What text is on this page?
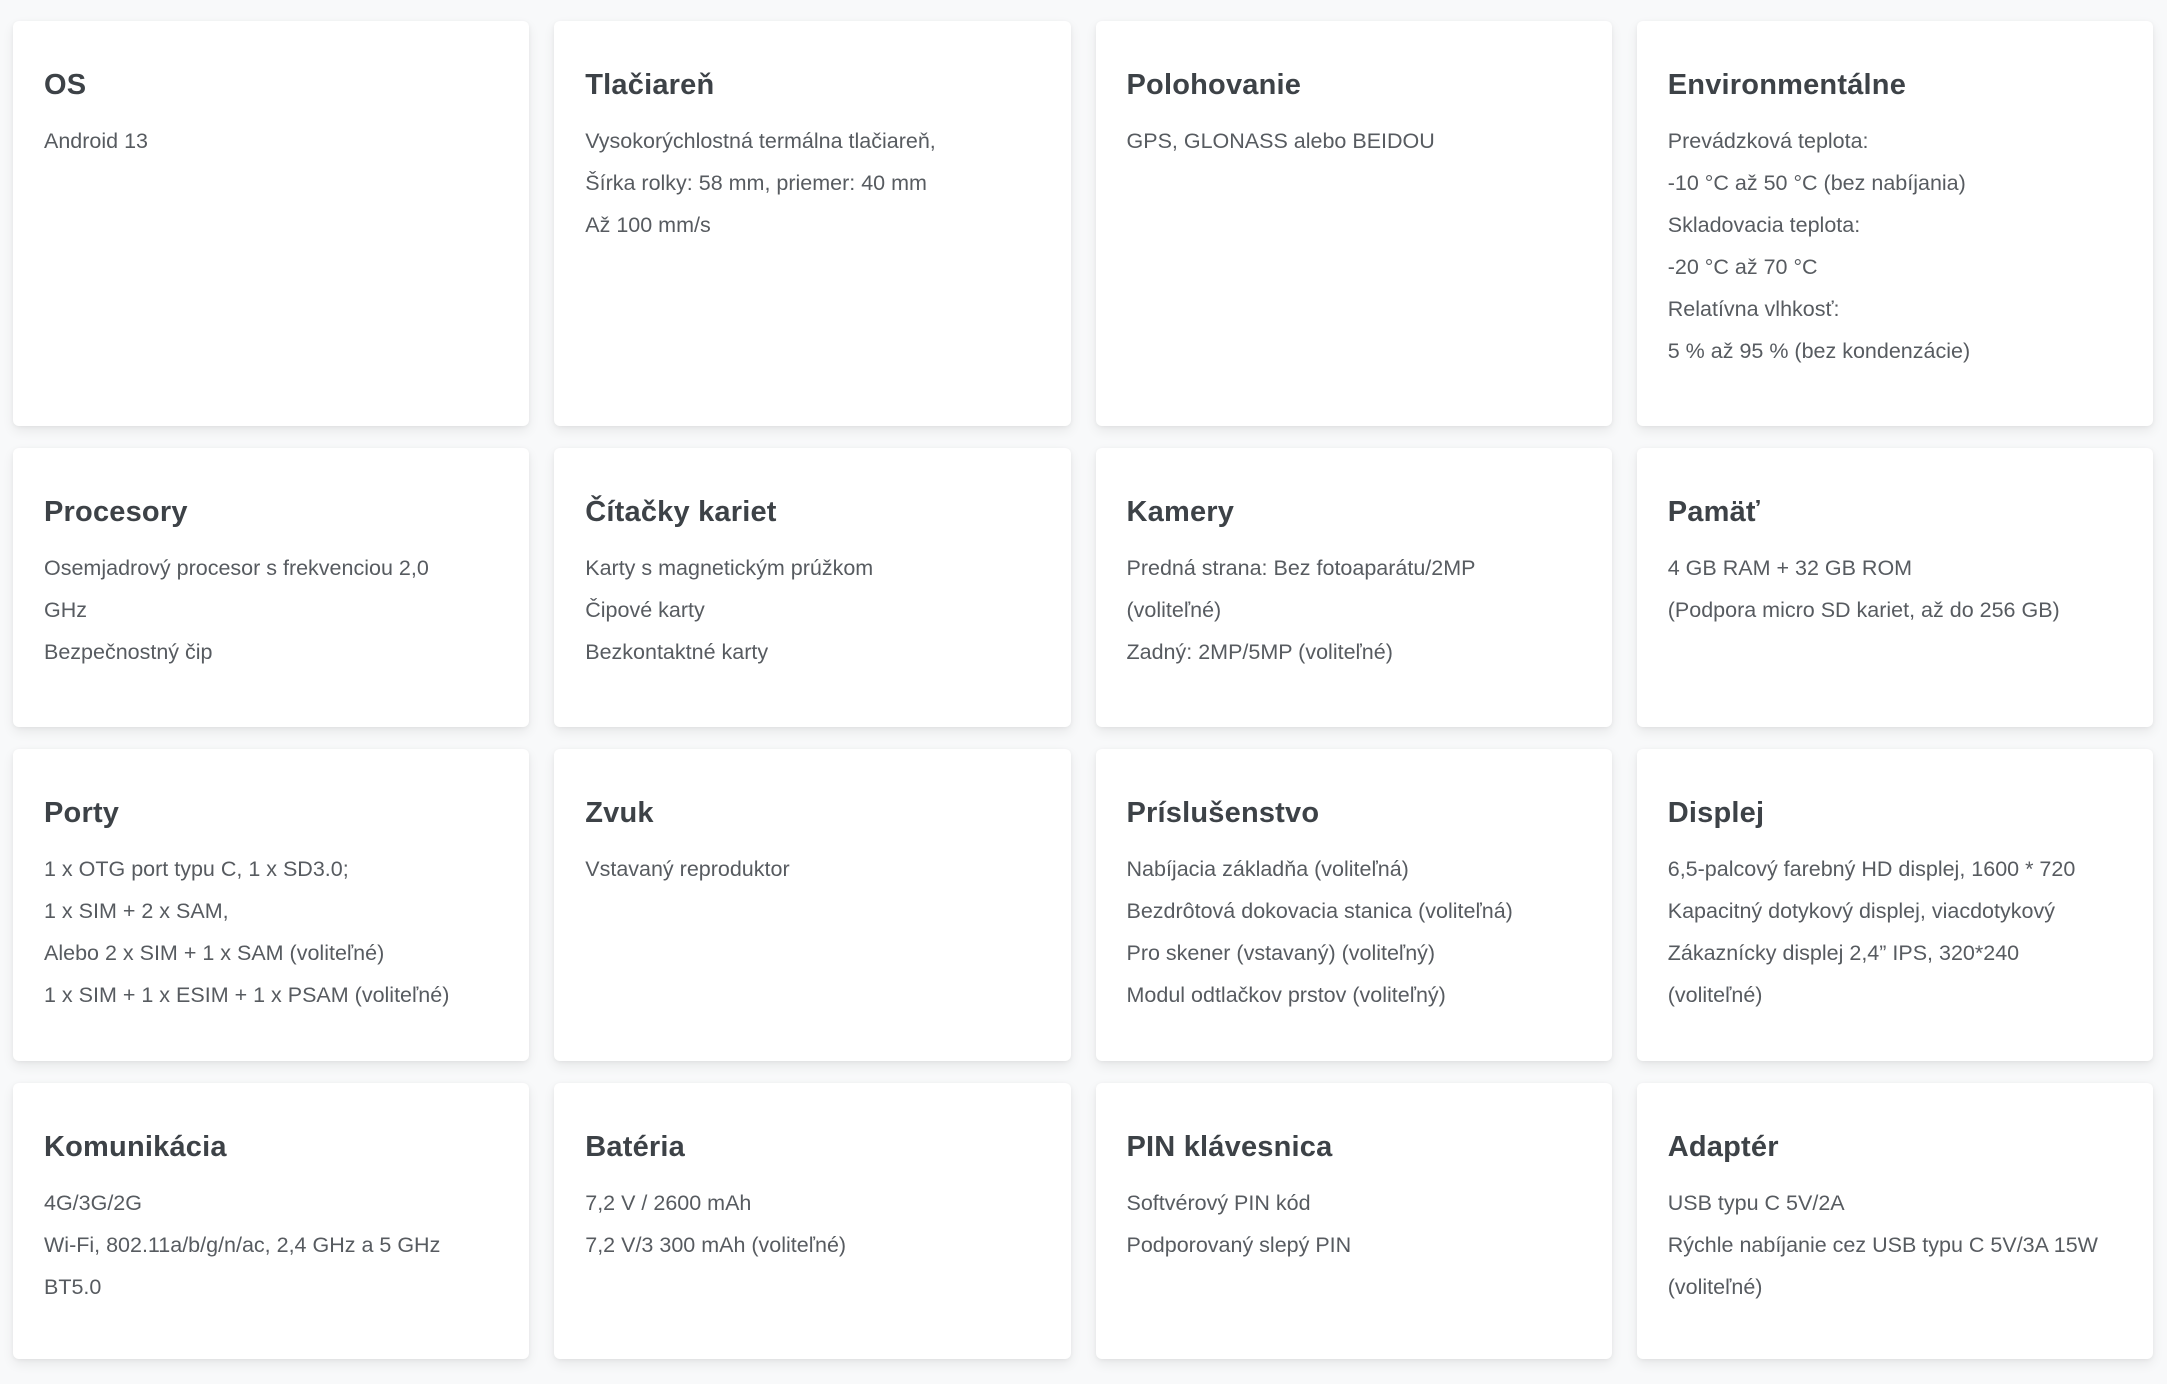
OS

Android 13

Tlačiareň

Vysokorýchlostná termálna tlačiareň,

Šírka rolky: 58 mm, priemer: 40 mm

Až 100 mm/s

Polohovanie

GPS, GLONASS alebo BEIDOU

Environmentálne

Prevádzková teplota:

-10 °C až 50 °C (bez nabíjania)

Skladovacia teplota:

-20 °C až 70 °C

Relatívna vlhkosť:

5 % až 95 % (bez kondenzácie)

Procesory

Osemjadrový procesor s frekvenciou 2,0

GHz

Bezpečnostný čip

Čítačky kariet

Karty s magnetickým prúžkom

Čipové karty

Bezkontaktné karty

Kamery

Predná strana: Bez fotoaparátu/2MP

(voliteľné)

Zadný: 2MP/5MP (voliteľné)

Pamäť

4 GB RAM + 32 GB ROM

(Podpora micro SD kariet, až do 256 GB)

Porty

1 x OTG port typu C, 1 x SD3.0;

1 x SIM + 2 x SAM,

Alebo 2 x SIM + 1 x SAM (voliteľné)

1 x SIM + 1 x ESIM + 1 x PSAM (voliteľné)

Zvuk

Vstavaný reproduktor

Príslušenstvo

Nabíjacia základňa (voliteľná)

Bezdrôtová dokovacia stanica (voliteľná)

Pro skener (vstavaný) (voliteľný)

Modul odtlačkov prstov (voliteľný)

Displej

6,5-palcový farebný HD displej, 1600 * 720

Kapacitný dotykový displej, viacdotykový

Zákaznícky displej 2,4” IPS, 320*240

(voliteľné)

Komunikácia

4G/3G/2G

Wi-Fi, 802.11a/b/g/n/ac, 2,4 GHz a 5 GHz

BT5.0

Batéria

7,2 V / 2600 mAh

7,2 V/3 300 mAh (voliteľné)

PIN klávesnica

Softvérový PIN kód

Podporovaný slepý PIN

Adaptér

USB typu C 5V/2A

Rýchle nabíjanie cez USB typu C 5V/3A 15W

(voliteľné)
